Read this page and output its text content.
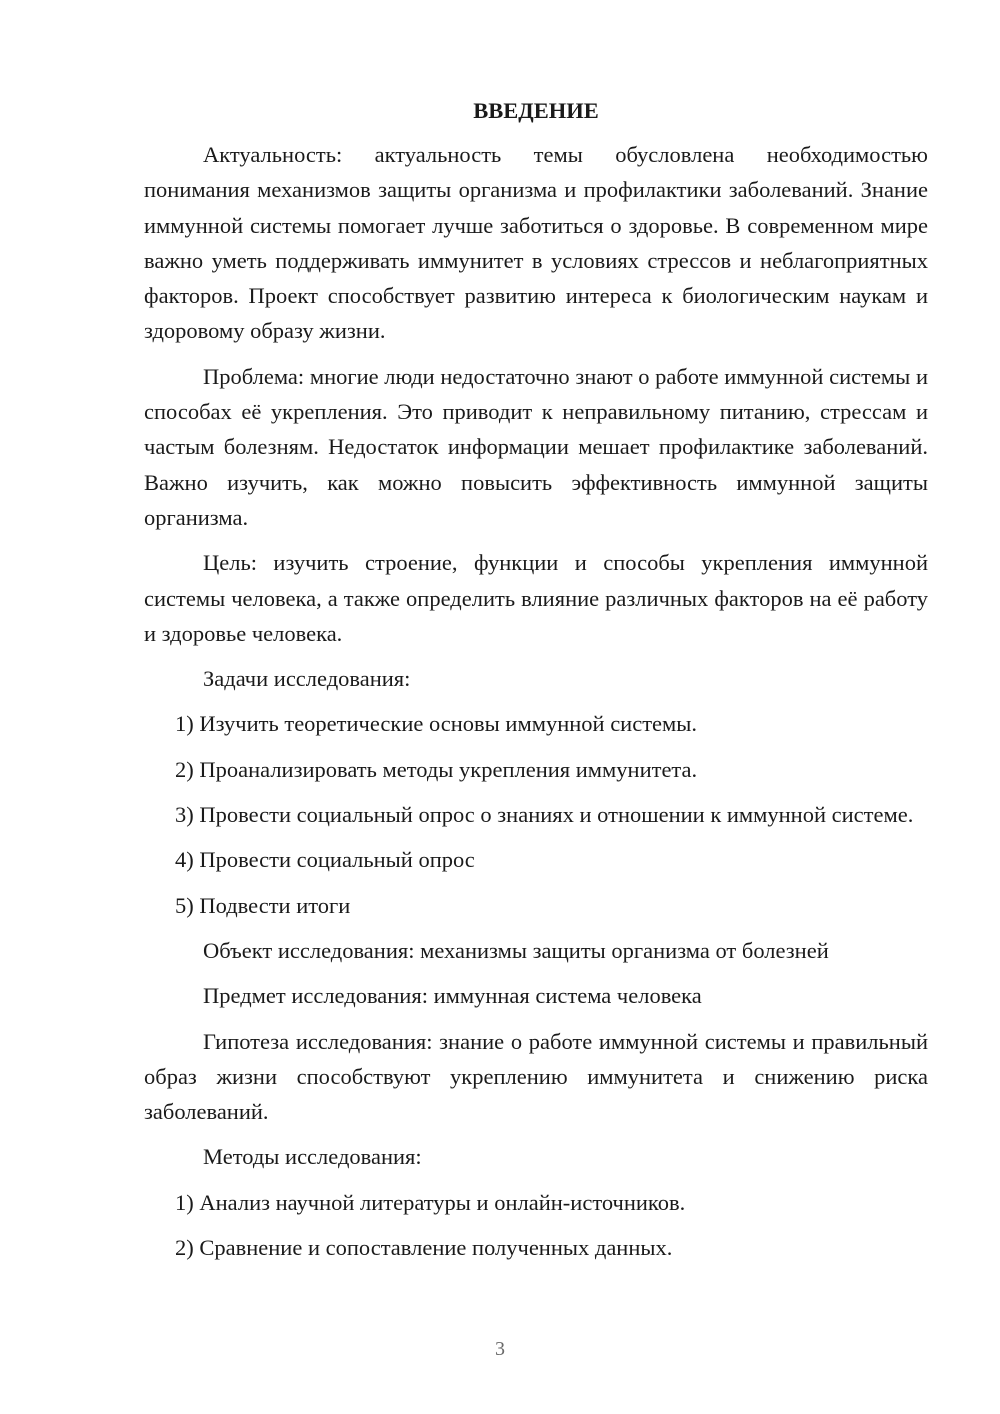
ВВЕДЕНИЕ

Актуальность: актуальность темы обусловлена необходимостью понимания механизмов защиты организма и профилактики заболеваний. Знание иммунной системы помогает лучше заботиться о здоровье. В современном мире важно уметь поддерживать иммунитет в условиях стрессов и неблагоприятных факторов. Проект способствует развитию интереса к биологическим наукам и здоровому образу жизни.

Проблема: многие люди недостаточно знают о работе иммунной системы и способах её укрепления. Это приводит к неправильному питанию, стрессам и частым болезням. Недостаток информации мешает профилактике заболеваний. Важно изучить, как можно повысить эффективность иммунной защиты организма.

Цель: изучить строение, функции и способы укрепления иммунной системы человека, а также определить влияние различных факторов на её работу и здоровье человека.

Задачи исследования:

1) Изучить теоретические основы иммунной системы.

2) Проанализировать методы укрепления иммунитета.

3) Провести социальный опрос о знаниях и отношении к иммунной системе.

4) Провести социальный опрос

5) Подвести итоги

Объект исследования: механизмы защиты организма от болезней

Предмет исследования: иммунная система человека

Гипотеза исследования: знание о работе иммунной системы и правильный образ жизни способствуют укреплению иммунитета и снижению риска заболеваний.

Методы исследования:

1) Анализ научной литературы и онлайн-источников.

2) Сравнение и сопоставление полученных данных.

3
